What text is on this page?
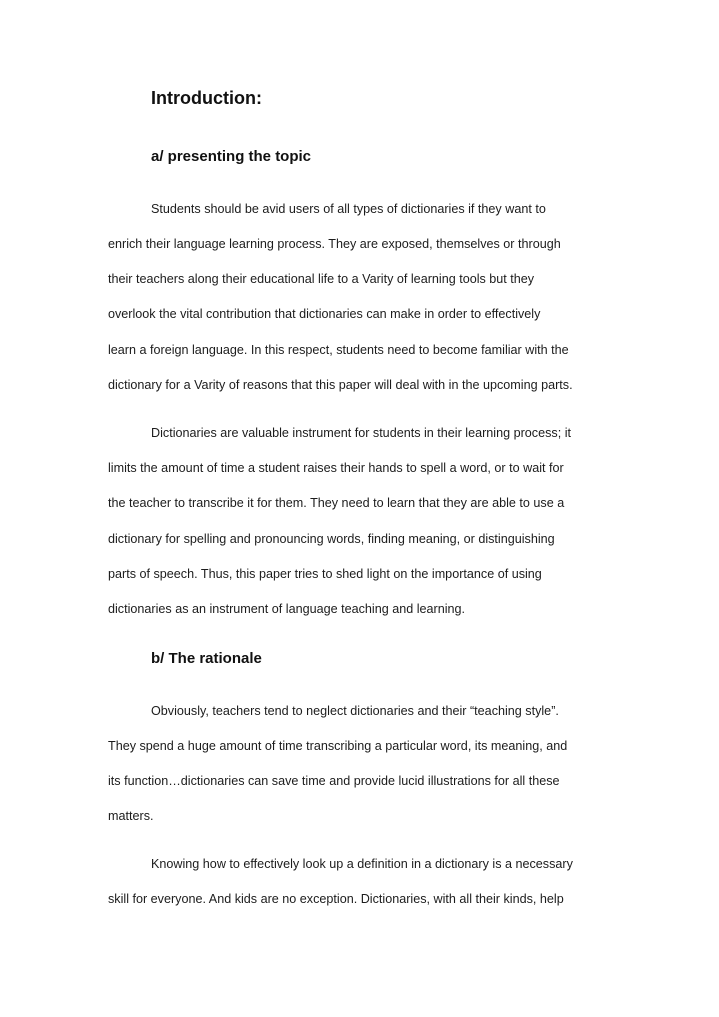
Introduction:
a/ presenting the topic
Students should be avid users of all types of dictionaries if they want to
enrich their language learning process. They are exposed, themselves or through
their teachers along their educational life to a Varity of learning tools but they
overlook the vital contribution that dictionaries can make in order to effectively
learn a foreign language. In this respect, students need to become familiar with the
dictionary for a Varity of reasons that this paper will deal with in the upcoming parts.
Dictionaries are valuable instrument for students in their learning process; it
limits the amount of time a student raises their hands to spell a word, or to wait for
the teacher to transcribe it for them. They need to learn that they are able to use a
dictionary for spelling and pronouncing words, finding meaning, or distinguishing
parts of speech. Thus, this paper tries to shed light on the importance of using
dictionaries as an instrument of language teaching and learning.
b/ The rationale
Obviously, teachers tend to neglect dictionaries and their “teaching style”.
They spend a huge amount of time transcribing a particular word, its meaning, and
its function…dictionaries can save time and provide lucid illustrations for all these
matters.
Knowing how to effectively look up a definition in a dictionary is a necessary
skill for everyone. And kids are no exception. Dictionaries, with all their kinds, help
